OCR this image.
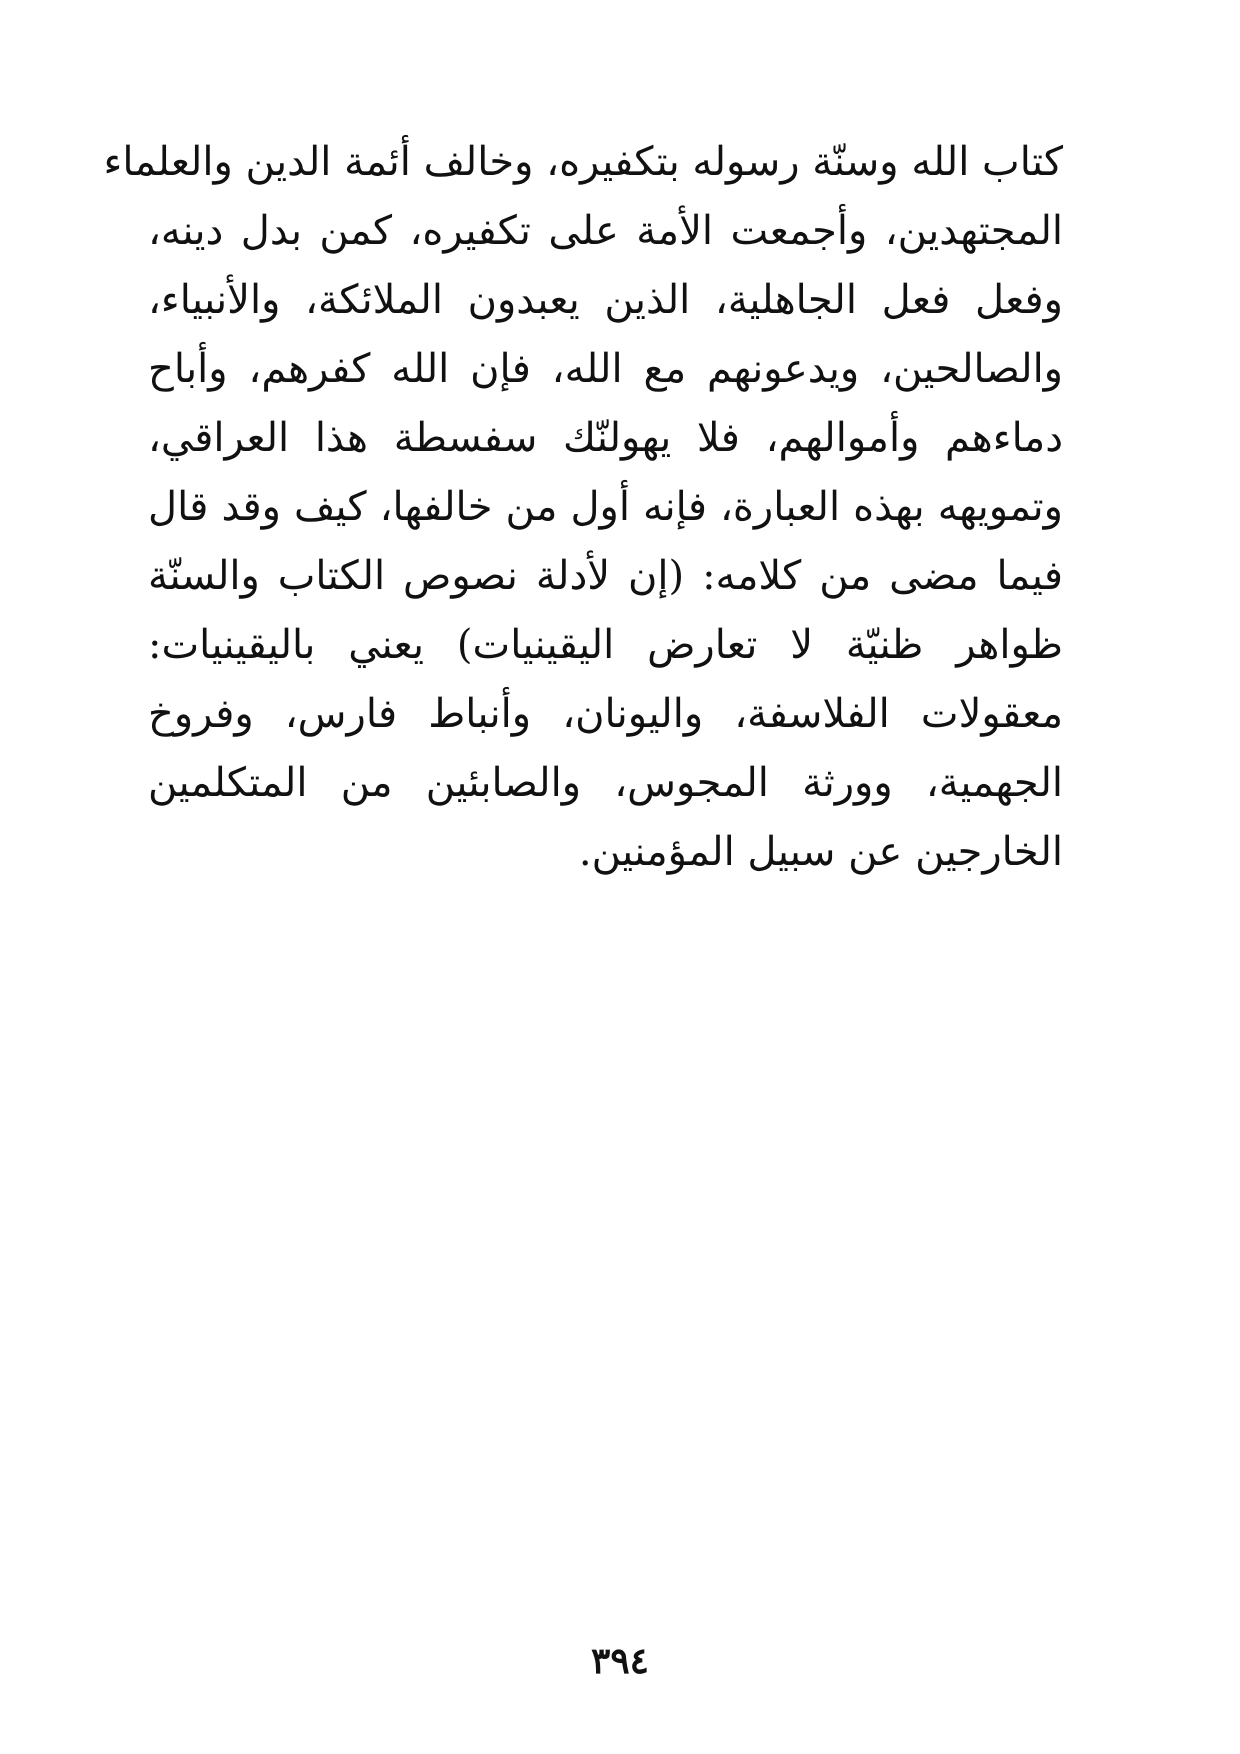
كتاب الله وسنّة رسوله بتكفيره، وخالف أئمة الدين والعلماء
المجتهدين، وأجمعت الأمة على تكفيره، كمن بدل دينه،
وفعل فعل الجاهلية، الذين يعبدون الملائكة، والأنبياء،
والصالحين، ويدعونهم مع الله، فإن الله كفرهم، وأباح
دماءهم وأموالهم، فلا يهولنّك سفسطة هذا العراقي،
وتمويهه بهذه العبارة، فإنه أول من خالفها، كيف وقد قال
فيما مضى من كلامه: (إن لأدلة نصوص الكتاب والسنّة
ظواهر ظنيّة لا تعارض اليقينيات) يعني باليقينيات:
معقولات الفلاسفة، واليونان، وأنباط فارس، وفروخ
الجهمية، وورثة المجوس، والصابئين من المتكلمين
الخارجين عن سبيل المؤمنين.
٣٩٤
